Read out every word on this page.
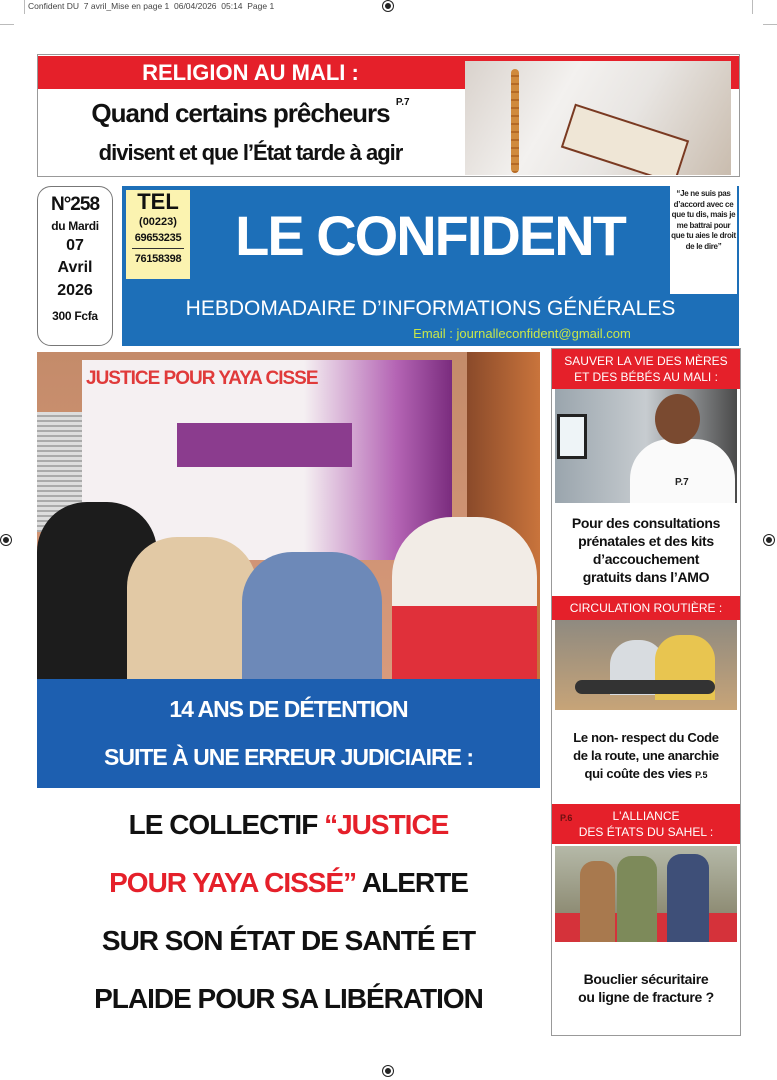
Confident DU  7 avril_Mise en page 1  06/04/2026  05:14  Page 1
RELIGION AU MALI :
Quand certains prêcheurs $^{P.7}$
divisent et que l’État tarde à agir
N°258
du Mardi
07
Avril
2026
300 Fcfa
TEL
(00223)
69653235
76158398 LE CONFIDENT
“Je ne suis pas d’accord avec ce que tu dis, mais je me battrai pour que tu aies le droit de le dire”
HEBDOMADAIRE D’INFORMATIONS GÉNÉRALES
Email : journalleconfident@gmail.com
JUSTICE POUR YAYA CISSE
14 ANS DE DÉTENTION
SUITE À UNE ERREUR JUDICIAIRE :
LE COLLECTIF “JUSTICE
POUR YAYA CISSÉ” ALERTE
SUR SON ÉTAT DE SANTÉ ET
PLAIDE POUR SA LIBÉRATION
SAUVER LA VIE DES MÈRES
ET DES BÉBÉS AU MALI :
P.7
Pour des consultations
prénatales et des kits
d’accouchement
gratuits dans l’AMO
CIRCULATION ROUTIÈRE :
Le non- respect du Code
de la route, une anarchie
qui coûte des vies P.5
P.6	L'ALLIANCE
DES ÉTATS DU SAHEL :
Bouclier sécuritaire
ou ligne de fracture ?
